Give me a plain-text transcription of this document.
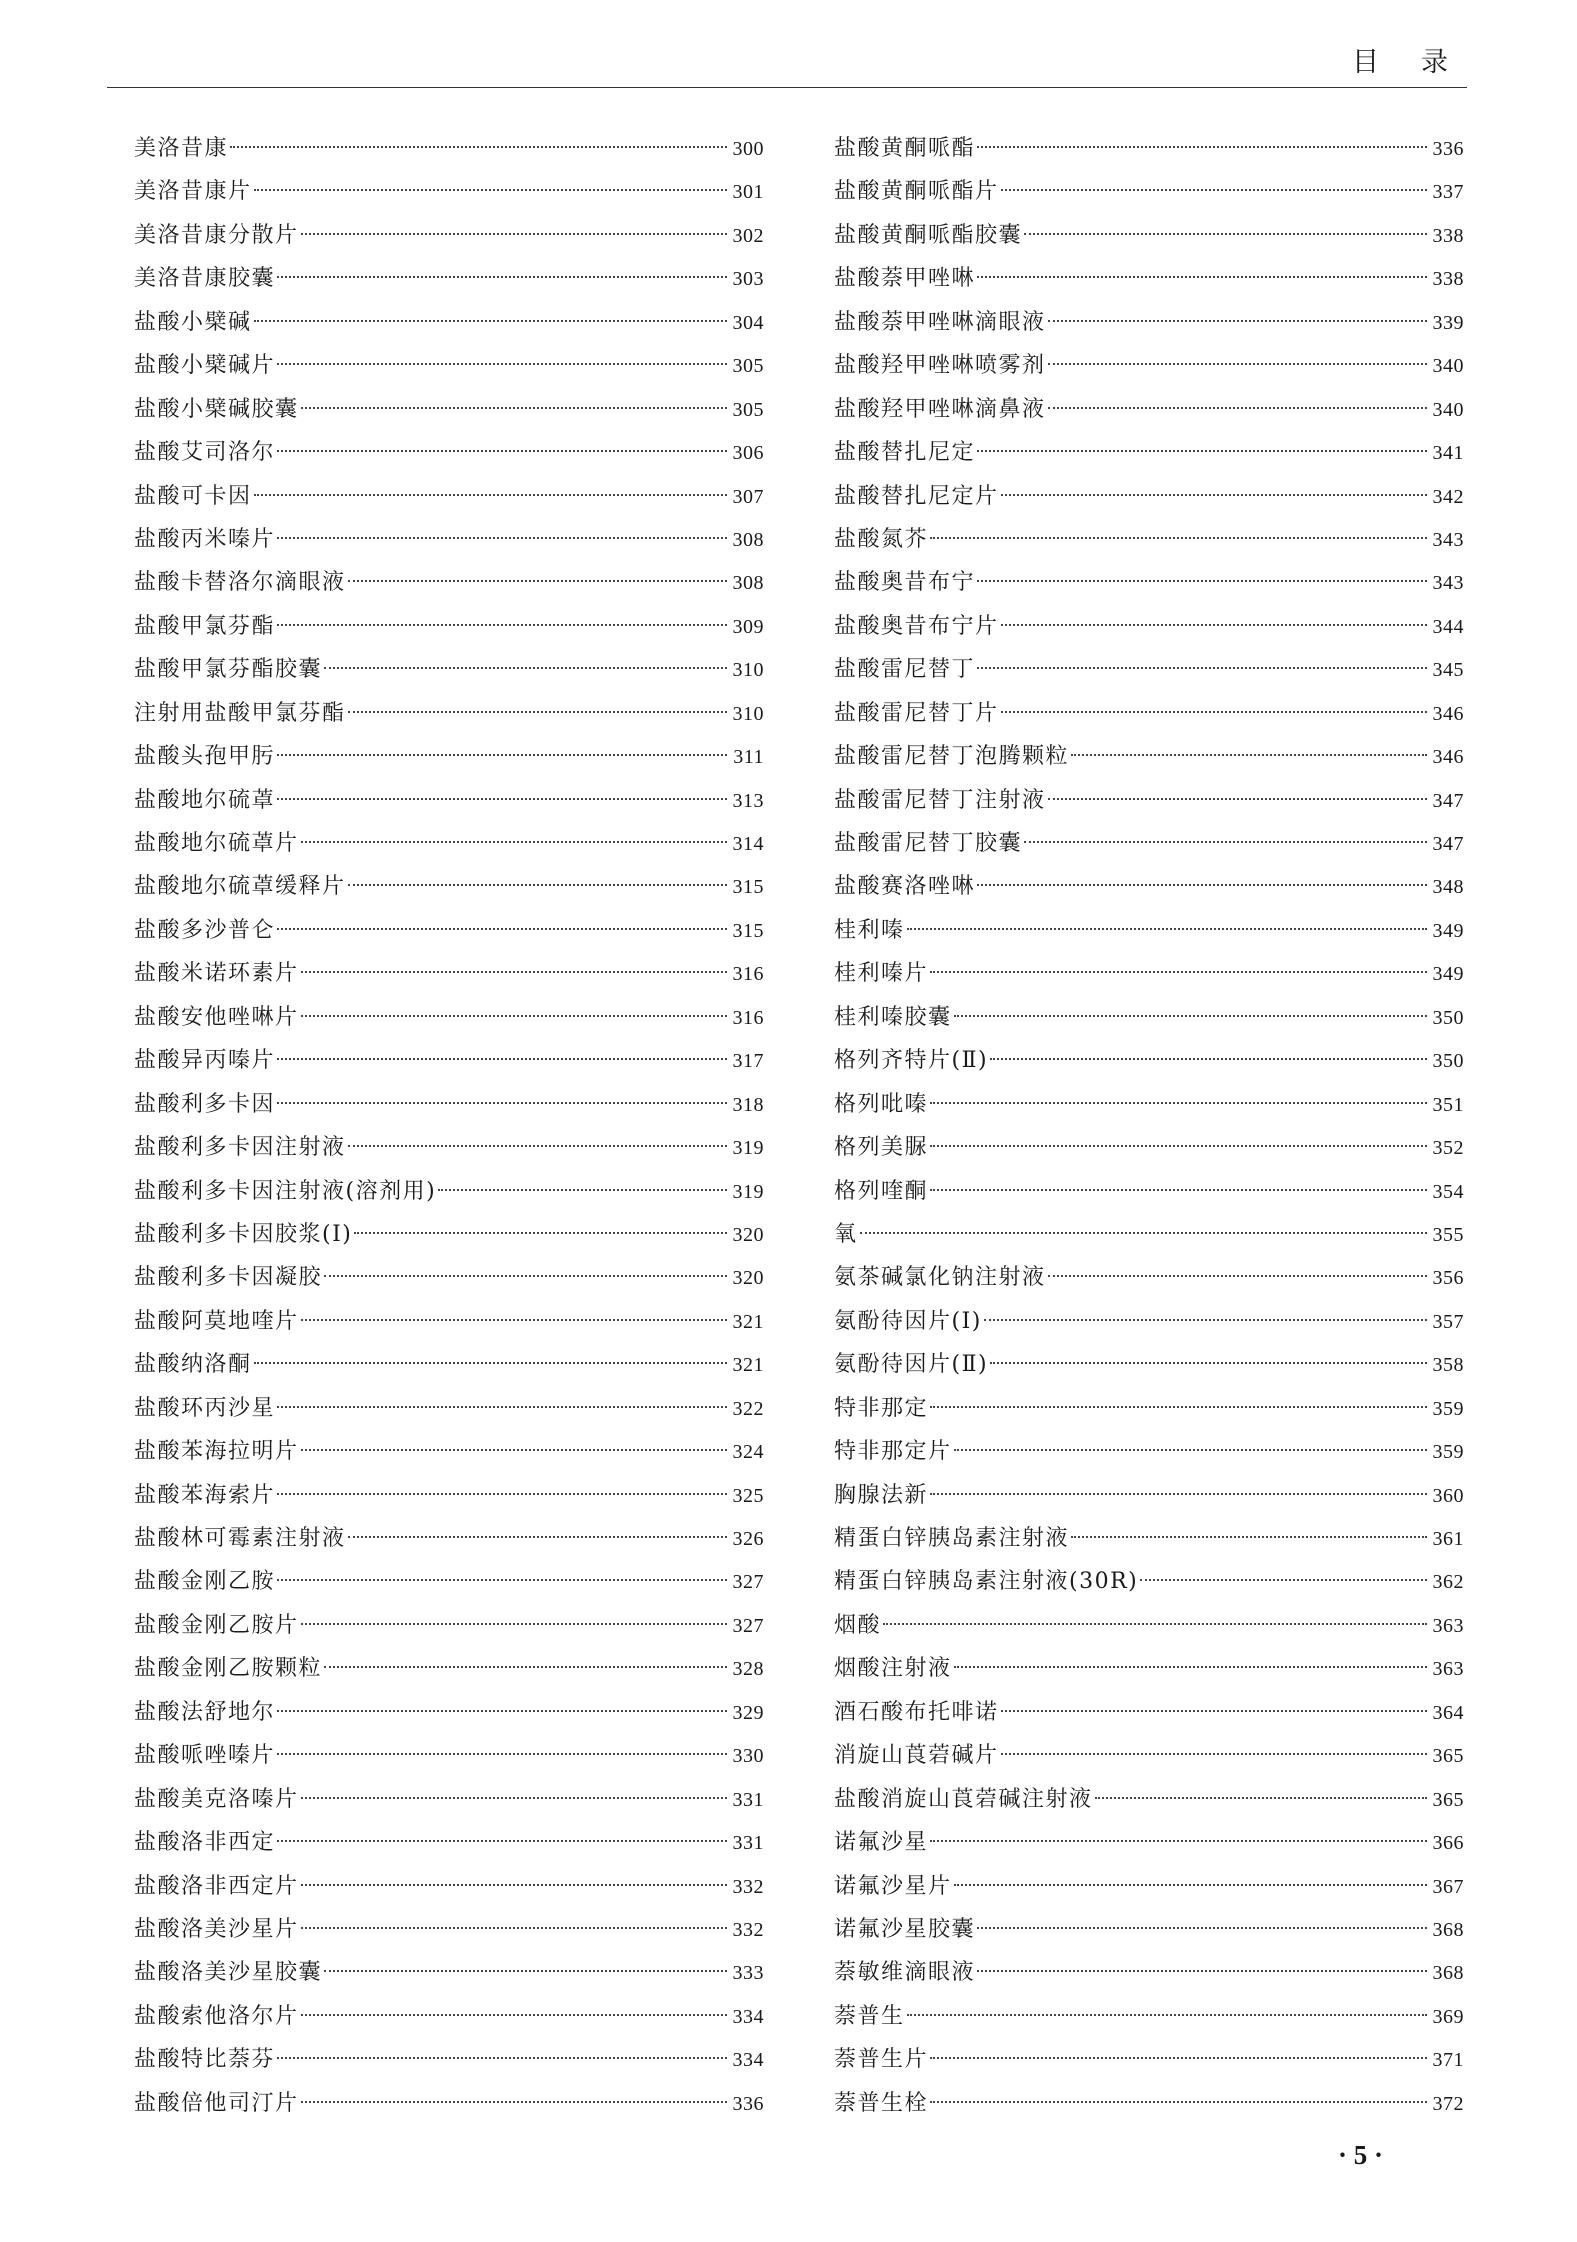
目录
美洛昔康	300
美洛昔康片	301
美洛昔康分散片	302
美洛昔康胶囊	303
盐酸小檗碱	304
盐酸小檗碱片	305
盐酸小檗碱胶囊	305
盐酸艾司洛尔	306
盐酸可卡因	307
盐酸丙米嗪片	308
盐酸卡替洛尔滴眼液	308
盐酸甲氯芬酯	309
盐酸甲氯芬酯胶囊	310
注射用盐酸甲氯芬酯	310
盐酸头孢甲肟	311
盐酸地尔硫䓬	313
盐酸地尔硫䓬片	314
盐酸地尔硫䓬缓释片	315
盐酸多沙普仑	315
盐酸米诺环素片	316
盐酸安他唑啉片	316
盐酸异丙嗪片	317
盐酸利多卡因	318
盐酸利多卡因注射液	319
盐酸利多卡因注射液(溶剂用)	319
盐酸利多卡因胶浆(Ⅰ)	320
盐酸利多卡因凝胶	320
盐酸阿莫地喹片	321
盐酸纳洛酮	321
盐酸环丙沙星	322
盐酸苯海拉明片	324
盐酸苯海索片	325
盐酸林可霉素注射液	326
盐酸金刚乙胺	327
盐酸金刚乙胺片	327
盐酸金刚乙胺颗粒	328
盐酸法舒地尔	329
盐酸哌唑嗪片	330
盐酸美克洛嗪片	331
盐酸洛非西定	331
盐酸洛非西定片	332
盐酸洛美沙星片	332
盐酸洛美沙星胶囊	333
盐酸索他洛尔片	334
盐酸特比萘芬	334
盐酸倍他司汀片	336
盐酸黄酮哌酯	336
盐酸黄酮哌酯片	337
盐酸黄酮哌酯胶囊	338
盐酸萘甲唑啉	338
盐酸萘甲唑啉滴眼液	339
盐酸羟甲唑啉喷雾剂	340
盐酸羟甲唑啉滴鼻液	340
盐酸替扎尼定	341
盐酸替扎尼定片	342
盐酸氮芥	343
盐酸奥昔布宁	343
盐酸奥昔布宁片	344
盐酸雷尼替丁	345
盐酸雷尼替丁片	346
盐酸雷尼替丁泡腾颗粒	346
盐酸雷尼替丁注射液	347
盐酸雷尼替丁胶囊	347
盐酸赛洛唑啉	348
桂利嗪	349
桂利嗪片	349
桂利嗪胶囊	350
格列齐特片(Ⅱ)	350
格列吡嗪	351
格列美脲	352
格列喹酮	354
氧	355
氨茶碱氯化钠注射液	356
氨酚待因片(Ⅰ)	357
氨酚待因片(Ⅱ)	358
特非那定	359
特非那定片	359
胸腺法新	360
精蛋白锌胰岛素注射液	361
精蛋白锌胰岛素注射液(30R)	362
烟酸	363
烟酸注射液	363
酒石酸布托啡诺	364
消旋山莨菪碱片	365
盐酸消旋山莨菪碱注射液	365
诺氟沙星	366
诺氟沙星片	367
诺氟沙星胶囊	368
萘敏维滴眼液	368
萘普生	369
萘普生片	371
萘普生栓	372
· 5 ·
